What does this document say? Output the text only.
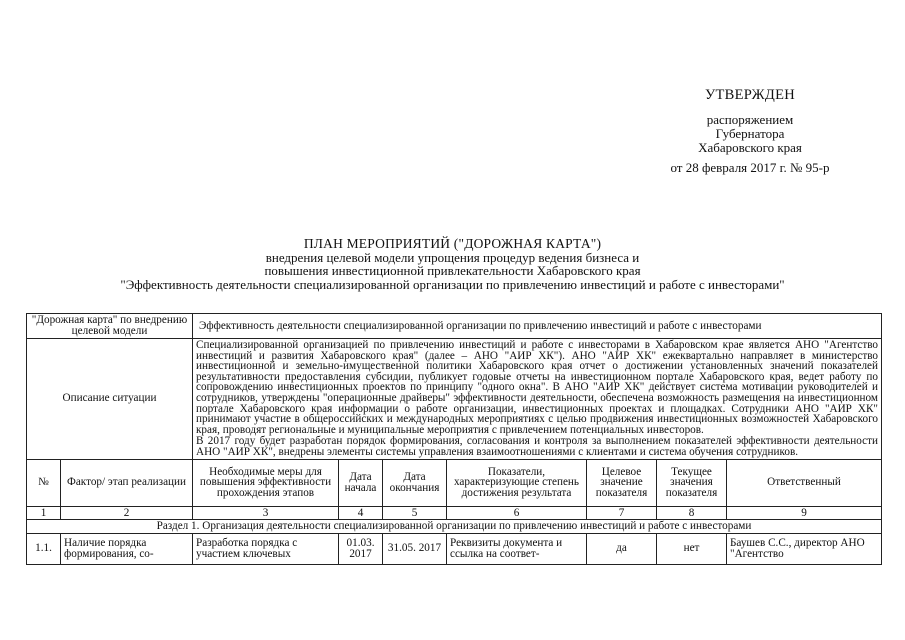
УТВЕРЖДЕН
распоряжением
Губернатора
Хабаровского края
от 28 февраля 2017 г. № 95-р
ПЛАН МЕРОПРИЯТИЙ ("ДОРОЖНАЯ КАРТА")
внедрения целевой модели упрощения процедур ведения бизнеса и
повышения инвестиционной привлекательности Хабаровского края
"Эффективность деятельности специализированной организации по привлечению инвестиций и работе с инвесторами"
"Дорожная карта" по внедрению целевой модели		Эффективность деятельности специализированной организации по привлечению инвестиций и работе с инвесторами						
Описание ситуации		Специализированной организацией по привлечению инвестиций и работе с инвесторами в Хабаровском крае является АНО "Агентство инвестиций и развития Хабаровского края" (далее – АНО "АИР ХК"). АНО "АИР ХК" ежеквартально направляет в министерство инвестиционной и земельно-имущественной политики Хабаровского края отчет о достижении установленных значений показателей результативности предоставления субсидии, публикует годовые отчеты на инвестиционном портале Хабаровского края, ведет работу по сопровождению инвестиционных проектов по принципу "одного окна". В АНО "АИР ХК" действует система мотивации руководителей и сотрудников, утверждены "операционные драйверы" эффективности деятельности, обеспечена возможность размещения на инвестиционном портале Хабаровского края информации о работе организации, инвестиционных проектах и площадках. Сотрудники АНО "АИР ХК" принимают участие в общероссийских и международных мероприятиях с целью продвижения инвестиционных возможностей Хабаровского края, проводят региональные и муниципальные мероприятия с привлечением потенциальных инвесторов.

В 2017 году будет разработан порядок формирования, согласования и контроля за выполнением показателей эффективности деятельности АНО "АИР ХК", внедрены элементы системы управления взаимоотношениями с клиентами и система обучения сотрудников.						

№	Фактор/ этап реализации	Необходимые меры для повышения эффективности прохождения этапов	Дата начала	Дата окончания	Показатели, характеризующие степень достижения результата	Целевое значение показателя	Текущее значения показателя	Ответственный
1	2	3	4	5	6	7	8	9
Раздел 1. Организация деятельности специализированной организации по привлечению инвестиций и работе с инвесторами								
1.1.	Наличие порядка формирования, со-	Разработка порядка с участием ключевых	01.03. 2017	31.05. 2017	Реквизиты документа и ссылка на соответ-	да	нет	Баушев С.С., директор АНО "Агентство
